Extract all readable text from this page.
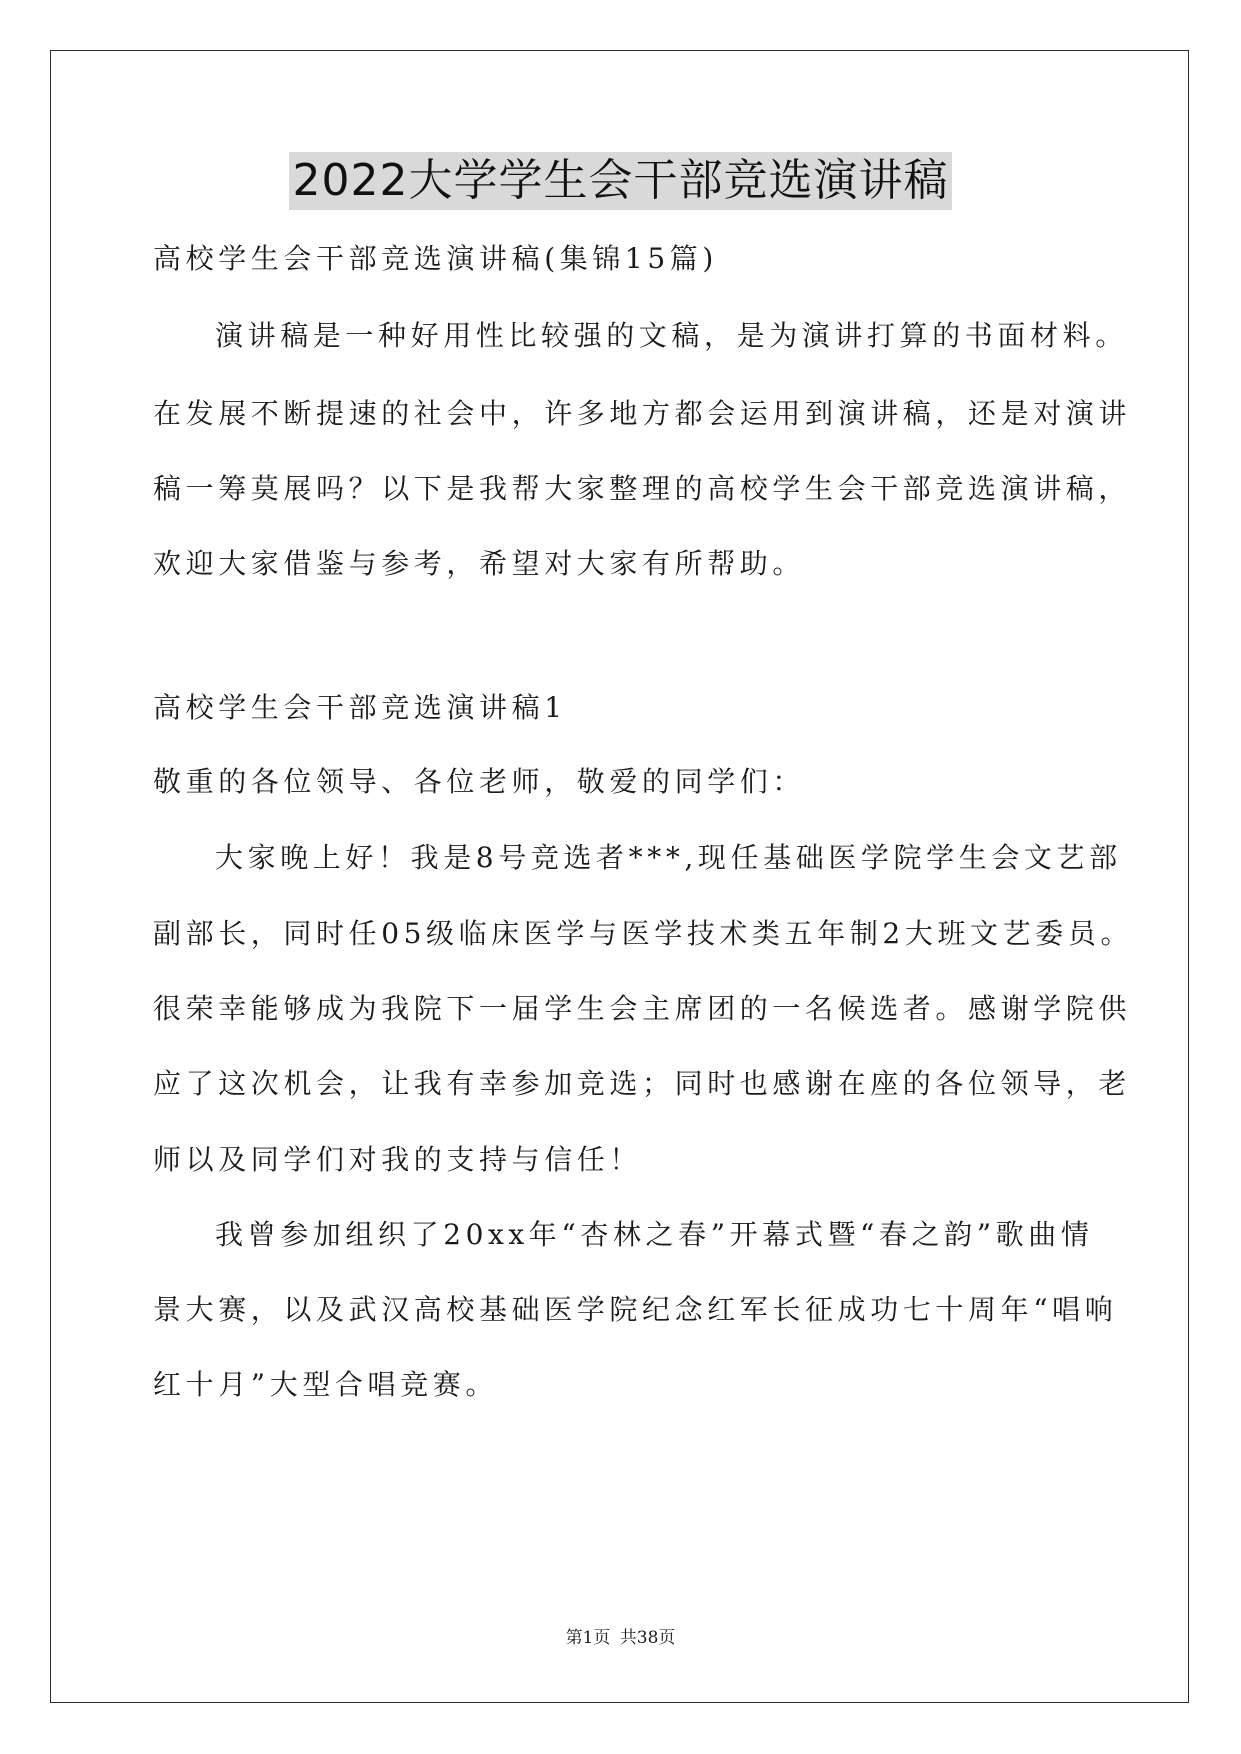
2022大学学生会干部竞选演讲稿
高校学生会干部竞选演讲稿(集锦15篇)
演讲稿是一种好用性比较强的文稿，是为演讲打算的书面材料。
在发展不断提速的社会中，许多地方都会运用到演讲稿，还是对演讲
稿一筹莫展吗？以下是我帮大家整理的高校学生会干部竞选演讲稿，
欢迎大家借鉴与参考，希望对大家有所帮助。
高校学生会干部竞选演讲稿1
敬重的各位领导、各位老师，敬爱的同学们：
大家晚上好！我是8号竞选者***,现任基础医学院学生会文艺部
副部长，同时任05级临床医学与医学技术类五年制2大班文艺委员。
很荣幸能够成为我院下一届学生会主席团的一名候选者。感谢学院供
应了这次机会，让我有幸参加竞选；同时也感谢在座的各位领导，老
师以及同学们对我的支持与信任！
我曾参加组织了20xx年“杏林之春”开幕式暨“春之韵”歌曲情
景大赛，以及武汉高校基础医学院纪念红军长征成功七十周年“唱响
红十月”大型合唱竞赛。
第1页 共38页
